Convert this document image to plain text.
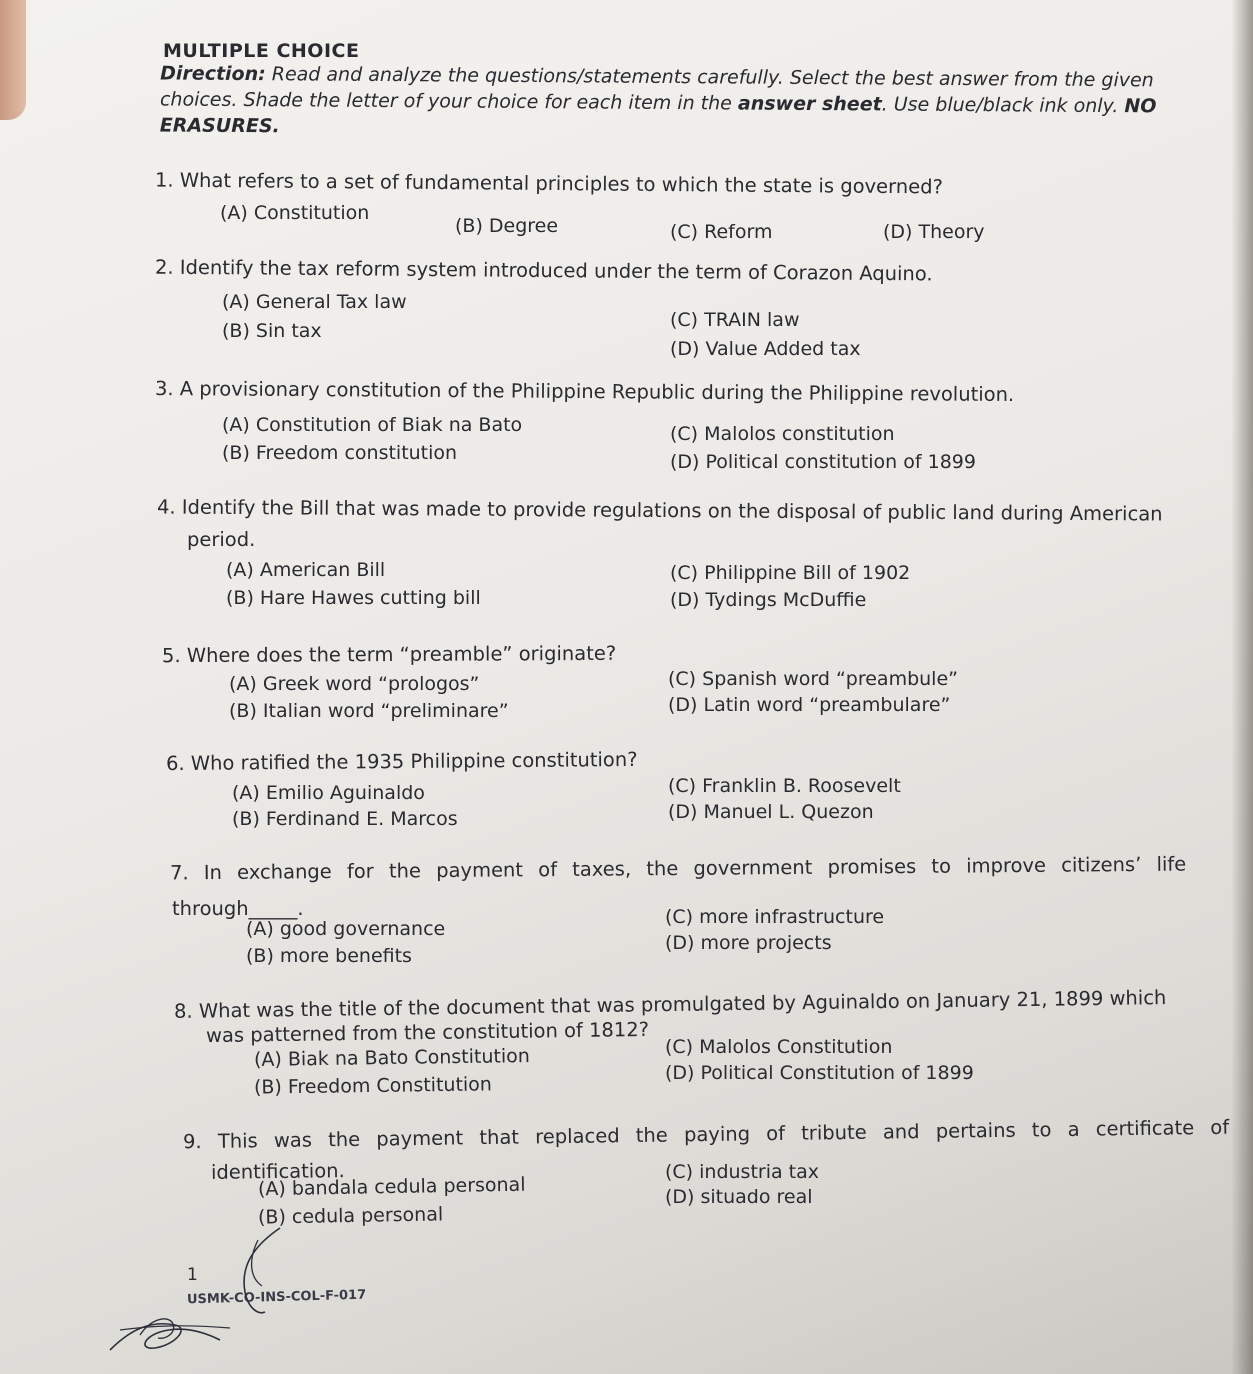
MULTIPLE CHOICE
Direction: Read and analyze the questions/statements carefully. Select the best answer from the given choices. Shade the letter of your choice for each item in the answer sheet. Use blue/black ink only. NO ERASURES.
1. What refers to a set of fundamental principles to which the state is governed?
(A) Constitution
(B) Degree	(C) Reform	(D) Theory
2. Identify the tax reform system introduced under the term of Corazon Aquino.
(A) General Tax law
(B) Sin tax	(C) TRAIN law
(D) Value Added tax
3. A provisionary constitution of the Philippine Republic during the Philippine revolution.
(A) Constitution of Biak na Bato
(B) Freedom constitution
(C) Malolos constitution
(D) Political constitution of 1899
4. Identify the Bill that was made to provide regulations on the disposal of public land during American
period.
(A) American Bill
(B) Hare Hawes cutting bill
(C) Philippine Bill of 1902
(D) Tydings McDuffie
5. Where does the term “preamble” originate?
(A) Greek word “prologos”
(B) Italian word “preliminare”
(C) Spanish word “preambule”
(D) Latin word “preambulare”
6. Who ratified the 1935 Philippine constitution?
(A) Emilio Aguinaldo
(B) Ferdinand E. Marcos
(C) Franklin B. Roosevelt
(D) Manuel L. Quezon
7. In exchange for the payment of taxes, the government promises to improve citizens’ life
through_____.
(A) good governance
(B) more benefits
(C) more infrastructure
(D) more projects
8. What was the title of the document that was promulgated by Aguinaldo on January 21, 1899 which
was patterned from the constitution of 1812?
(A) Biak na Bato Constitution
(B) Freedom Constitution
(C) Malolos Constitution
(D) Political Constitution of 1899
9. This was the payment that replaced the paying of tribute and pertains to a certificate of
identification.
(A) bandala cedula personal
(B) cedula personal
(C) industria tax
(D) situado real
1
USMK-CO-INS-COL-F-017
